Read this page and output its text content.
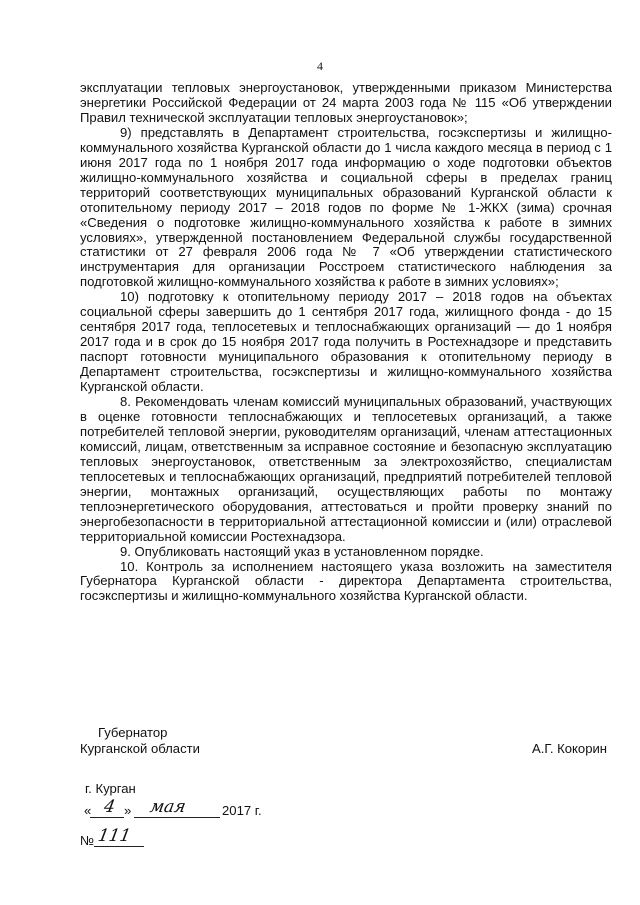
4

эксплуатации тепловых энергоустановок, утвержденными приказом Министерства энергетики Российской Федерации от 24 марта 2003 года № 115 «Об утверждении Правил технической эксплуатации тепловых энергоустановок»;

9) представлять в Департамент строительства, госэкспертизы и жилищно-коммунального хозяйства Курганской области до 1 числа каждого месяца в период с 1 июня 2017 года по 1 ноября 2017 года информацию о ходе подготовки объектов жилищно-коммунального хозяйства и социальной сферы в пределах границ территорий соответствующих муниципальных образований Курганской области к отопительному периоду 2017 – 2018 годов по форме № 1-ЖКХ (зима) срочная «Сведения о подготовке жилищно-коммунального хозяйства к работе в зимних условиях», утвержденной постановлением Федеральной службы государственной статистики от 27 февраля 2006 года № 7 «Об утверждении статистического инструментария для организации Росстроем статистического наблюдения за подготовкой жилищно-коммунального хозяйства к работе в зимних условиях»;

10) подготовку к отопительному периоду 2017 – 2018 годов на объектах социальной сферы завершить до 1 сентября 2017 года, жилищного фонда - до 15 сентября 2017 года, теплосетевых и теплоснабжающих организаций — до 1 ноября 2017 года и в срок до 15 ноября 2017 года получить в Ростехнадзоре и представить паспорт готовности муниципального образования к отопительному периоду в Департамент строительства, госэкспертизы и жилищно-коммунального хозяйства Курганской области.

8. Рекомендовать членам комиссий муниципальных образований, участвующих в оценке готовности теплоснабжающих и теплосетевых организаций, а также потребителей тепловой энергии, руководителям организаций, членам аттестационных комиссий, лицам, ответственным за исправное состояние и безопасную эксплуатацию тепловых энергоустановок, ответственным за электрохозяйство, специалистам теплосетевых и теплоснабжающих организаций, предприятий потребителей тепловой энергии, монтажных организаций, осуществляющих работы по монтажу теплоэнергетического оборудования, аттестоваться и пройти проверку знаний по энергобезопасности в территориальной аттестационной комиссии и (или) отраслевой территориальной комиссии Ростехнадзора.

9. Опубликовать настоящий указ в установленном порядке.

10. Контроль за исполнением настоящего указа возложить на заместителя Губернатора Курганской области - директора Департамента строительства, госэкспертизы и жилищно-коммунального хозяйства Курганской области.

Губернатор
Курганской области	А.Г. Кокорин
г. Курган
« 4 » мая	2017 г.
№ 111
